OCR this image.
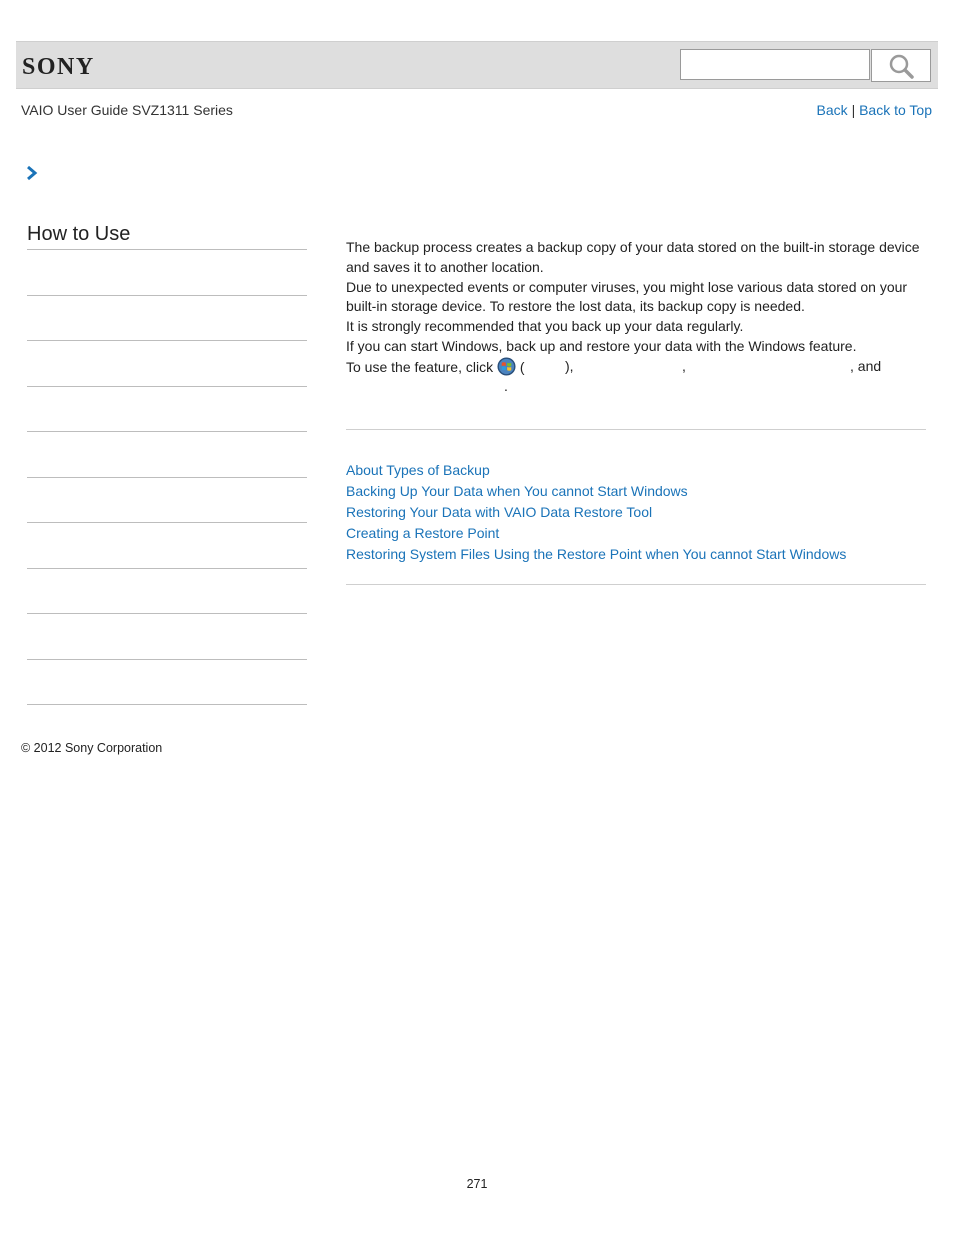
SONY
VAIO User Guide SVZ1311 Series	Back | Back to Top
How to Use

The backup process creates a backup copy of your data stored on the built-in storage device and saves it to another location.

Due to unexpected events or computer viruses, you might lose various data stored on your built-in storage device. To restore the lost data, its backup copy is needed.

It is strongly recommended that you back up your data regularly.

If you can start Windows, back up and restore your data with the Windows feature.

To use the feature, click (	),	,	, and

.

About Types of Backup
Backing Up Your Data when You cannot Start Windows
Restoring Your Data with VAIO Data Restore Tool
Creating a Restore Point
Restoring System Files Using the Restore Point when You cannot Start Windows
© 2012 Sony Corporation
271
